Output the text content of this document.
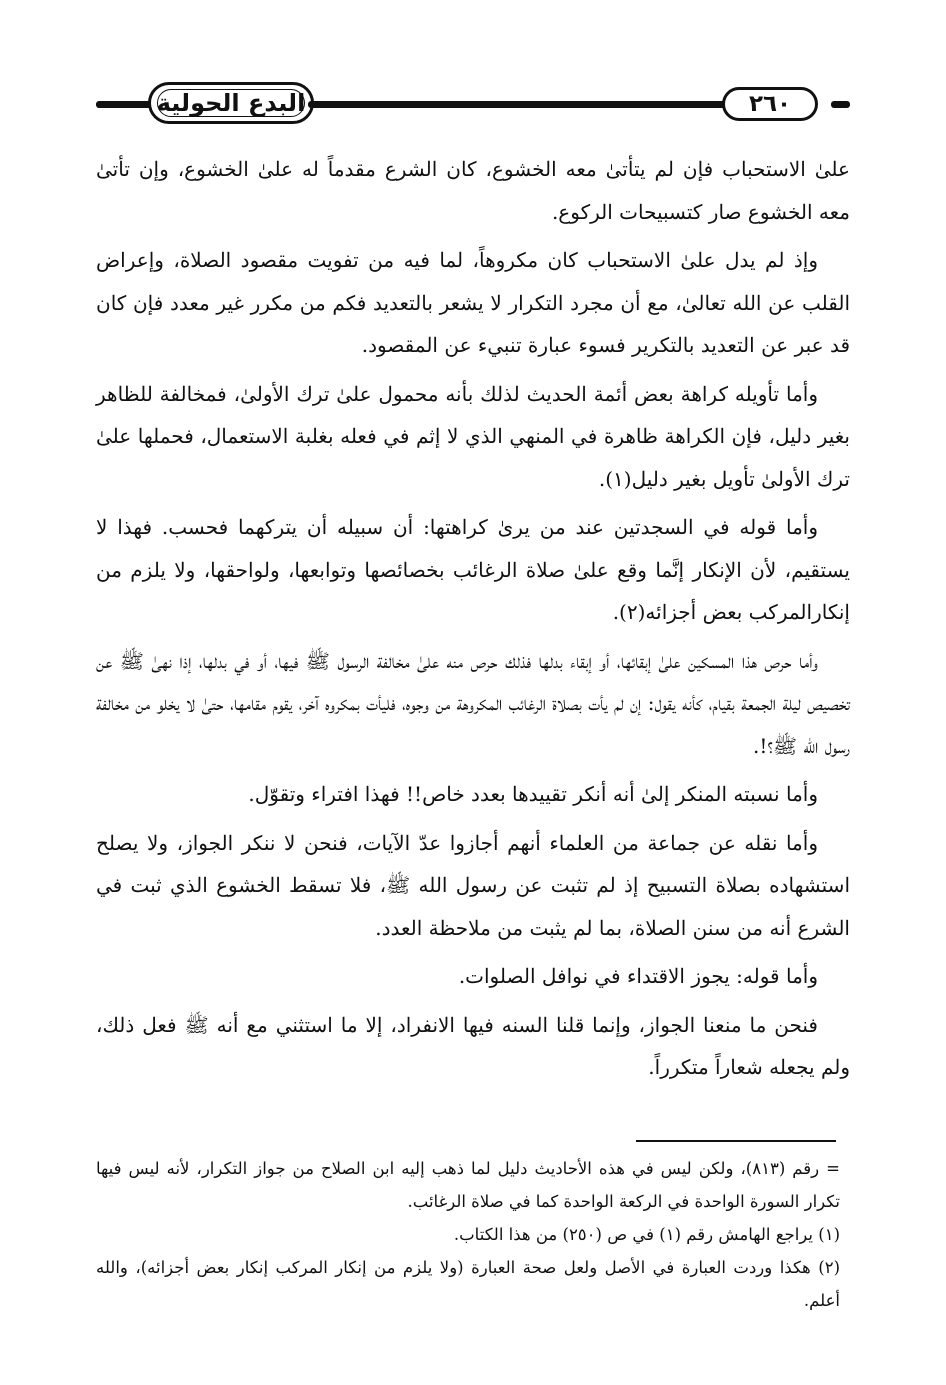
البدع الحولية	٢٦٠

علىٰ الاستحباب فإن لم يتأتىٰ معه الخشوع، كان الشرع مقدماً له علىٰ الخشوع، وإن تأتىٰ معه الخشوع صار كتسبيحات الركوع.

وإذ لم يدل علىٰ الاستحباب كان مكروهاً، لما فيه من تفويت مقصود الصلاة، وإعراض القلب عن الله تعالىٰ، مع أن مجرد التكرار لا يشعر بالتعديد فكم من مكرر غير معدد فإن كان قد عبر عن التعديد بالتكرير فسوء عبارة تنبيء عن المقصود.

وأما تأويله كراهة بعض أئمة الحديث لذلك بأنه محمول علىٰ ترك الأولىٰ، فمخالفة للظاهر بغير دليل، فإن الكراهة ظاهرة في المنهي الذي لا إثم في فعله بغلبة الاستعمال، فحملها علىٰ ترك الأولىٰ تأويل بغير دليل(١).

وأما قوله في السجدتين عند من يرىٰ كراهتها: أن سبيله أن يتركهما فحسب. فهذا لا يستقيم، لأن الإنكار إنَّما وقع علىٰ صلاة الرغائب بخصائصها وتوابعها، ولواحقها، ولا يلزم من إنكارالمركب بعض أجزائه(٢).

وأما حرص هذا المسكين علىٰ إبقائها، أو إبقاء بدلها فذلك حرص منه علىٰ مخالفة الرسول ﷺ فيها، أو في بدلها، إذا نهىٰ ﷺ عن تخصيص ليلة الجمعة بقيام، كأنه يقول: إن لم يأت بصلاة الرغائب المكروهة من وجوه، فليأت بمكروه آخر، يقوم مقامها، حتىٰ لا يخلو من مخالفة رسول الله ﷺ؟!.

وأما نسبته المنكر إلىٰ أنه أنكر تقييدها بعدد خاص!! فهذا افتراء وتقوّل.

وأما نقله عن جماعة من العلماء أنهم أجازوا عدّ الآيات، فنحن لا ننكر الجواز، ولا يصلح استشهاده بصلاة التسبيح إذ لم تثبت عن رسول الله ﷺ، فلا تسقط الخشوع الذي ثبت في الشرع أنه من سنن الصلاة، بما لم يثبت من ملاحظة العدد.

وأما قوله: يجوز الاقتداء في نوافل الصلوات.

فنحن ما منعنا الجواز، وإنما قلنا السنه فيها الانفراد، إلا ما استثني مع أنه ﷺ فعل ذلك، ولم يجعله شعاراً متكرراً.

= رقم (٨١٣)، ولكن ليس في هذه الأحاديث دليل لما ذهب إليه ابن الصلاح من جواز التكرار، لأنه ليس فيها تكرار السورة الواحدة في الركعة الواحدة كما في صلاة الرغائب.

(١) يراجع الهامش رقم (١) في ص (٢٥٠) من هذا الكتاب.

(٢) هكذا وردت العبارة في الأصل ولعل صحة العبارة (ولا يلزم من إنكار المركب إنكار بعض أجزائه)، والله أعلم.
